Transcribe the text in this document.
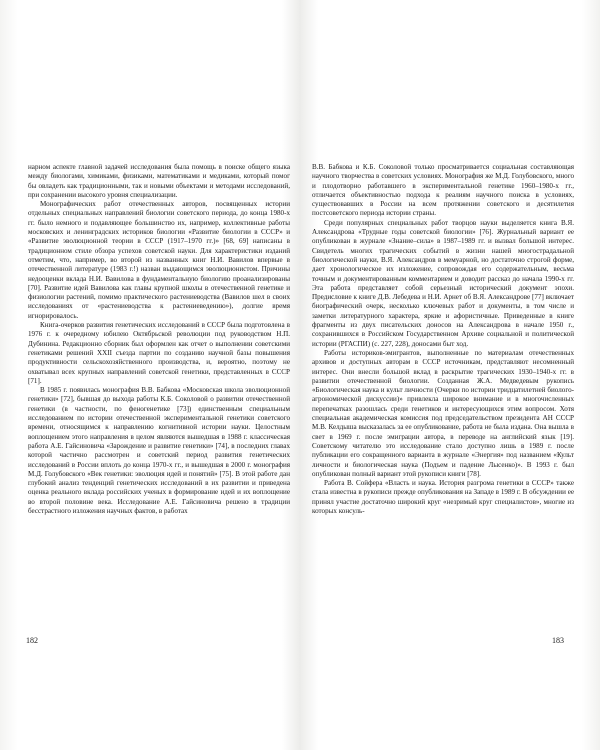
нарном аспекте главной задачей исследования была помощь в поиске общего языка между биологами, химиками, физиками, математиками и медиками, который помог бы овладеть как традиционными, так и новыми объектами и методами исследований, при сохранении высокого уровня специализации.

Монографических работ отечественных авторов, посвященных истории отдельных специальных направлений биологии советского периода, до конца 1980-х гг. было немного и подавляющее большинство их, например, коллективные работы московских и ленинградских историков биологии «Развитие биологии в СССР» и «Развитие эволюционной теории в СССР (1917–1970 гг.)» [68, 69] написаны в традиционном стиле обзора успехов советской науки. Для характеристики изданий отметим, что, например, во второй из названных книг Н.И. Вавилов впервые в отечественной литературе (1983 г.!) назван выдающимся эволюционистом. Причины недооценки вклада Н.И. Вавилова в фундаментальную биологию проанализированы [70]. Развитие идей Вавилова как главы крупной школы в отечественной генетике и физиологии растений, помимо практического растениеводства (Вавилов шел в своих исследованиях от «растениеводства к растениеведению»), долгие время игнорировалось.

Книга-очерков развития генетических исследований в СССР была подготовлена в 1976 г. к очередному юбилею Октябрьской революции под руководством Н.П. Дубинина. Редакционно сборник был оформлен как отчет о выполнении советскими генетиками решений XXII съезда партии по созданию научной базы повышения продуктивности сельскохозяйственного производства, и, вероятно, поэтому не охватывал всех крупных направлений советской генетики, представленных в СССР [71].

В 1985 г. появилась монография В.В. Бабкова «Московская школа эволюционной генетики» [72], бывшая до выхода работы К.Б. Соколовой о развитии отечественной генетики (в частности, по феногенетике [73]) единственным специальным исследованием по истории отечественной экспериментальной генетики советского времени, относящимся к направлению когнитивной истории науки. Целостным воплощением этого направления в целом являются вышедшая в 1988 г. классическая работа А.Е. Гайсиновича «Зарождение и развитие генетики» [74], в последних главах которой частично рассмотрен и советский период развития генетических исследований в России вплоть до конца 1970-х гг., и вышедшая в 2000 г. монография М.Д. Голубовского «Век генетики: эволюция идей и понятий» [75]. В этой работе дан глубокий анализ тенденций генетических исследований в их развитии и приведена оценка реального вклада российских ученых в формирование идей и их воплощение во второй половине века. Исследование А.Е. Гайсиновича решено в традиции бесстрастного изложения научных фактов, в работах

В.В. Бабкова и К.Б. Соколовой только просматривается социальная составляющая научного творчества в советских условиях. Монография же М.Д. Голубовского, много и плодотворно работавшего в экспериментальной генетике 1960–1980-х гг., отличается объективностью подхода к реалиям научного поиска в условиях, существовавших в России на всем протяжении советского и десятилетия постсоветского периода истории страны.

Среди популярных специальных работ творцов науки выделяется книга В.Я. Александрова «Трудные годы советской биологии» [76]. Журнальный вариант ее опубликован в журнале «Знание–сила» в 1987–1989 гг. и вызвал большой интерес. Свидетель многих трагических событий в жизни нашей многострадальной биологической науки, В.Я. Александров в мемуарной, но достаточно строгой форме, дает хронологическое их изложение, сопровождая его содержательным, весьма точным и документированным комментарием и доводит рассказ до начала 1990-х гг. Эта работа представляет собой серьезный исторический документ эпохи. Предисловие к книге Д.В. Лебедева и Н.И. Арнет об В.Я. Александрове [77] включает биографический очерк, несколько ключевых работ и документы, в том числе и заметки литературного характера, яркие и афористичные. Приведенные в книге фрагменты из двух писательских доносов на Александрова в начале 1950 г., сохранившихся в Российском Государственном Архиве социальной и политической истории (РГАСПИ) (с. 227, 228), доносами быт ход.

Работы историков-эмигрантов, выполненные по материалам отечественных архивов и доступных авторам в СССР источникам, представляют несомненный интерес. Они внесли большой вклад в раскрытие трагических 1930–1940-х гг. в развитии отечественной биологии. Созданная Ж.А. Медведевым рукопись «Биологическая наука и культ личности (Очерки по истории тридцатилетней биолого-агрономической дискуссии)» привлекла широкое внимание и в многочисленных перепечатках разошлась среди генетиков и интересующихся этим вопросом. Хотя специальная академическая комиссия под председательством президента АН СССР М.В. Келдыша высказалась за ее опубликование, работа не была издана. Она вышла в свет в 1969 г. после эмиграции автора, в переводе на английский язык [19]. Советскому читателю это исследование стало доступно лишь в 1989 г. после публикации его сокращенного варианта в журнале «Энергия» под названием «Культ личности и биологическая наука (Подъем и падение Лысенко)». В 1993 г. был опубликован полный вариант этой рукописи книги [78].

Работа В. Сойфера «Власть и наука. История разгрома генетики в СССР» также стала известна в рукописи прежде опубликования на Западе в 1989 г. В обсуждении ее принял участие достаточно широкий круг «незримый круг специалистов», многие из которых консуль-

182	183
